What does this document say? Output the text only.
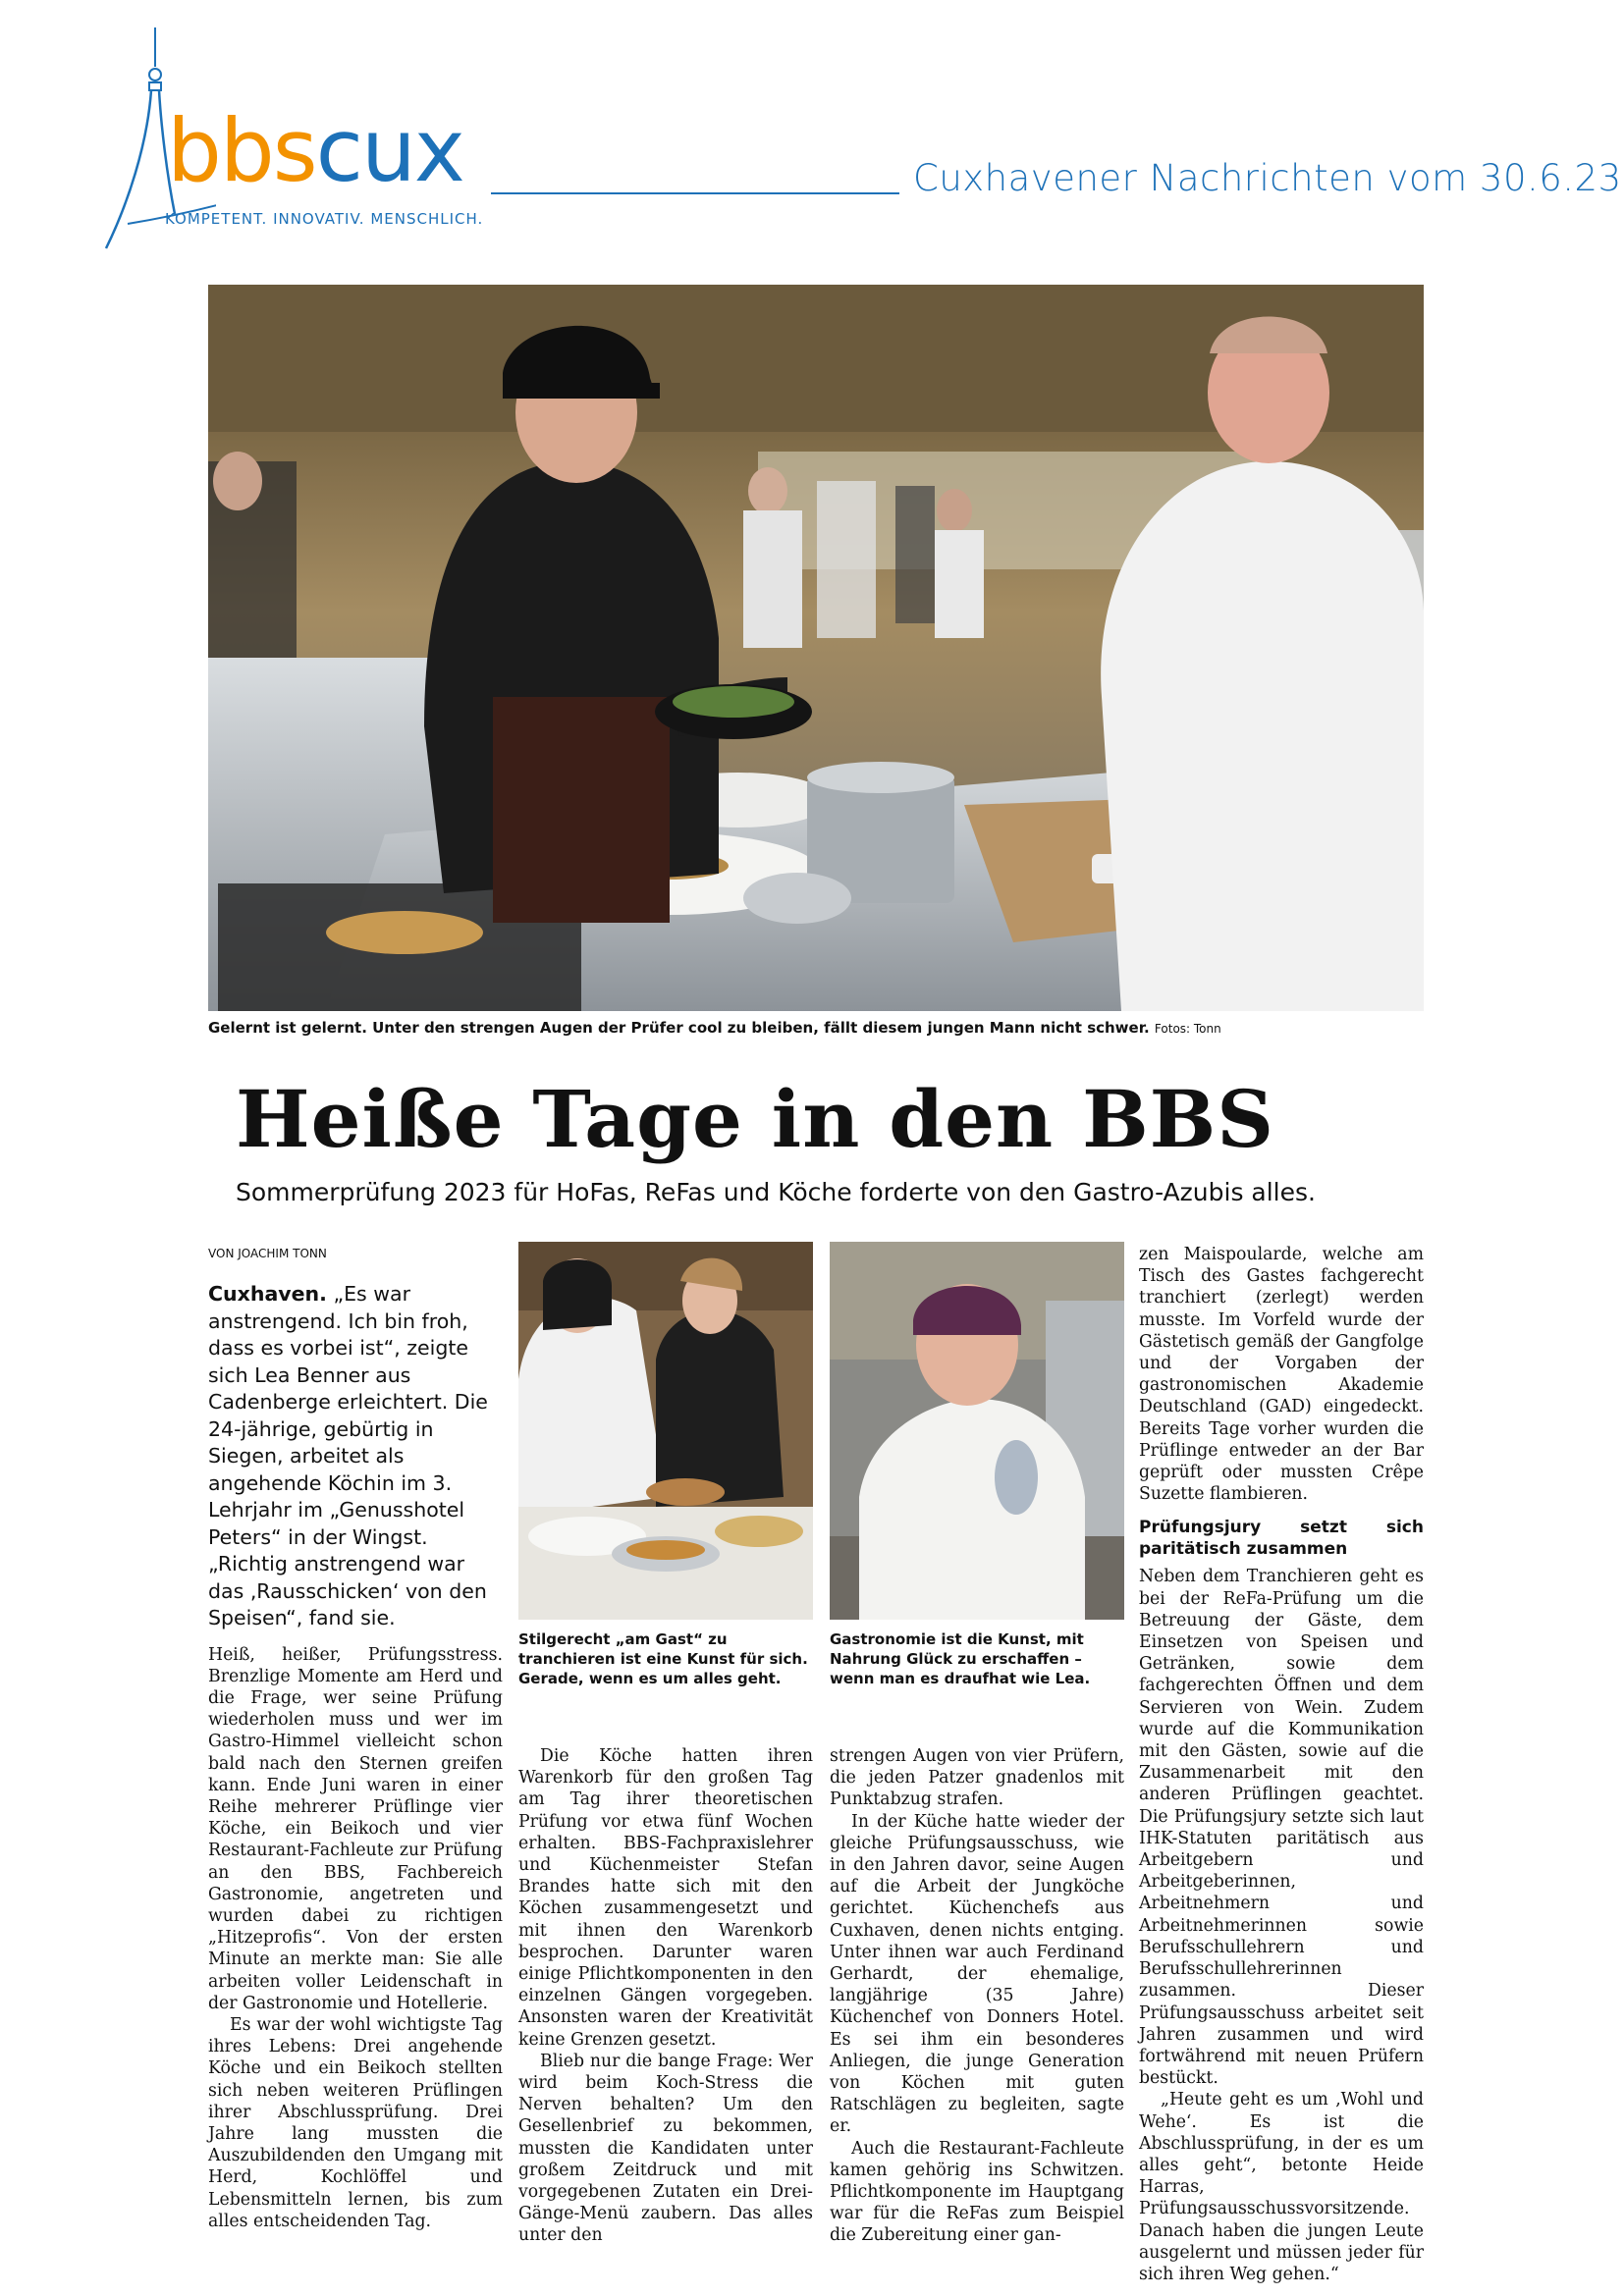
bbscux
KOMPETENT. INNOVATIV. MENSCHLICH.
Cuxhavener Nachrichten vom 30.6.23
Gelernt ist gelernt. Unter den strengen Augen der Prüfer cool zu bleiben, fällt diesem jungen Mann nicht schwer. Fotos: Tonn
Heiße Tage in den BBS
Sommerprüfung 2023 für HoFas, ReFas und Köche forderte von den Gastro-Azubis alles.
VON JOACHIM TONN
Cuxhaven. „Es war anstrengend. Ich bin froh, dass es vorbei ist“, zeigte sich Lea Benner aus Cadenberge erleichtert. Die 24-jährige, gebürtig in Siegen, arbeitet als angehende Köchin im 3. Lehrjahr im „Genusshotel Peters“ in der Wingst. „Richtig anstrengend war das ‚Rausschicken‘ von den Speisen“, fand sie.

Heiß, heißer, Prüfungsstress. Brenzlige Momente am Herd und die Frage, wer seine Prüfung wiederholen muss und wer im Gastro-Himmel vielleicht schon bald nach den Sternen greifen kann. Ende Juni waren in einer Reihe mehrerer Prüflinge vier Köche, ein Beikoch und vier Restaurant-Fachleute zur Prüfung an den BBS, Fachbereich Gastronomie, angetreten und wurden dabei zu richtigen „Hitzeprofis“. Von der ersten Minute an merkte man: Sie alle arbeiten voller Leidenschaft in der Gastronomie und Hotellerie.

Es war der wohl wichtigste Tag ihres Lebens: Drei angehende Köche und ein Beikoch stellten sich neben weiteren Prüflingen ihrer Abschlussprüfung. Drei Jahre lang mussten die Auszubildenden den Umgang mit Herd, Kochlöffel und Lebensmitteln lernen, bis zum alles entscheidenden Tag.

Stilgerecht „am Gast“ zu tranchieren ist eine Kunst für sich. Gerade, wenn es um alles geht.
Gastronomie ist die Kunst, mit Nahrung Glück zu erschaffen – wenn man es draufhat wie Lea.

Die Köche hatten ihren Warenkorb für den großen Tag am Tag ihrer theoretischen Prüfung vor etwa fünf Wochen erhalten. BBS-Fachpraxislehrer und Küchenmeister Stefan Brandes hatte sich mit den Köchen zusammengesetzt und mit ihnen den Warenkorb besprochen. Darunter waren einige Pflichtkomponenten in den einzelnen Gängen vorgegeben. Ansonsten waren der Kreativität keine Grenzen gesetzt.

Blieb nur die bange Frage: Wer wird beim Koch-Stress die Nerven behalten? Um den Gesellenbrief zu bekommen, mussten die Kandidaten unter großem Zeitdruck und mit vorgegebenen Zutaten ein Drei-Gänge-Menü zaubern. Das alles unter den

strengen Augen von vier Prüfern, die jeden Patzer gnadenlos mit Punktabzug strafen.

In der Küche hatte wieder der gleiche Prüfungsausschuss, wie in den Jahren davor, seine Augen auf die Arbeit der Jungköche gerichtet. Küchenchefs aus Cuxhaven, denen nichts entging. Unter ihnen war auch Ferdinand Gerhardt, der ehemalige, langjährige (35 Jahre) Küchenchef von Donners Hotel. Es sei ihm ein besonderes Anliegen, die junge Generation von Köchen mit guten Ratschlägen zu begleiten, sagte er.

Auch die Restaurant-Fachleute kamen gehörig ins Schwitzen. Pflichtkomponente im Hauptgang war für die ReFas zum Beispiel die Zubereitung einer gan-

zen Maispoularde, welche am Tisch des Gastes fachgerecht tranchiert (zerlegt) werden musste. Im Vorfeld wurde der Gästetisch gemäß der Gangfolge und der Vorgaben der gastronomischen Akademie Deutschland (GAD) eingedeckt. Bereits Tage vorher wurden die Prüflinge entweder an der Bar geprüft oder mussten Crêpe Suzette flambieren.

Prüfungsjury setzt sich paritätisch zusammen

Neben dem Tranchieren geht es bei der ReFa-Prüfung um die Betreuung der Gäste, dem Einsetzen von Speisen und Getränken, sowie dem fachgerechten Öffnen und dem Servieren von Wein. Zudem wurde auf die Kommunikation mit den Gästen, sowie auf die Zusammenarbeit mit den anderen Prüflingen geachtet. Die Prüfungsjury setzte sich laut IHK-Statuten paritätisch aus Arbeitgebern und Arbeitgeberinnen, Arbeitnehmern und Arbeitnehmerinnen sowie Berufsschullehrern und Berufsschullehrerinnen zusammen. Dieser Prüfungsausschuss arbeitet seit Jahren zusammen und wird fortwährend mit neuen Prüfern bestückt.

„Heute geht es um ‚Wohl und Wehe‘. Es ist die Abschlussprüfung, in der es um alles geht“, betonte Heide Harras, Prüfungsausschussvorsitzende. Danach haben die jungen Leute ausgelernt und müssen jeder für sich ihren Weg gehen.“
